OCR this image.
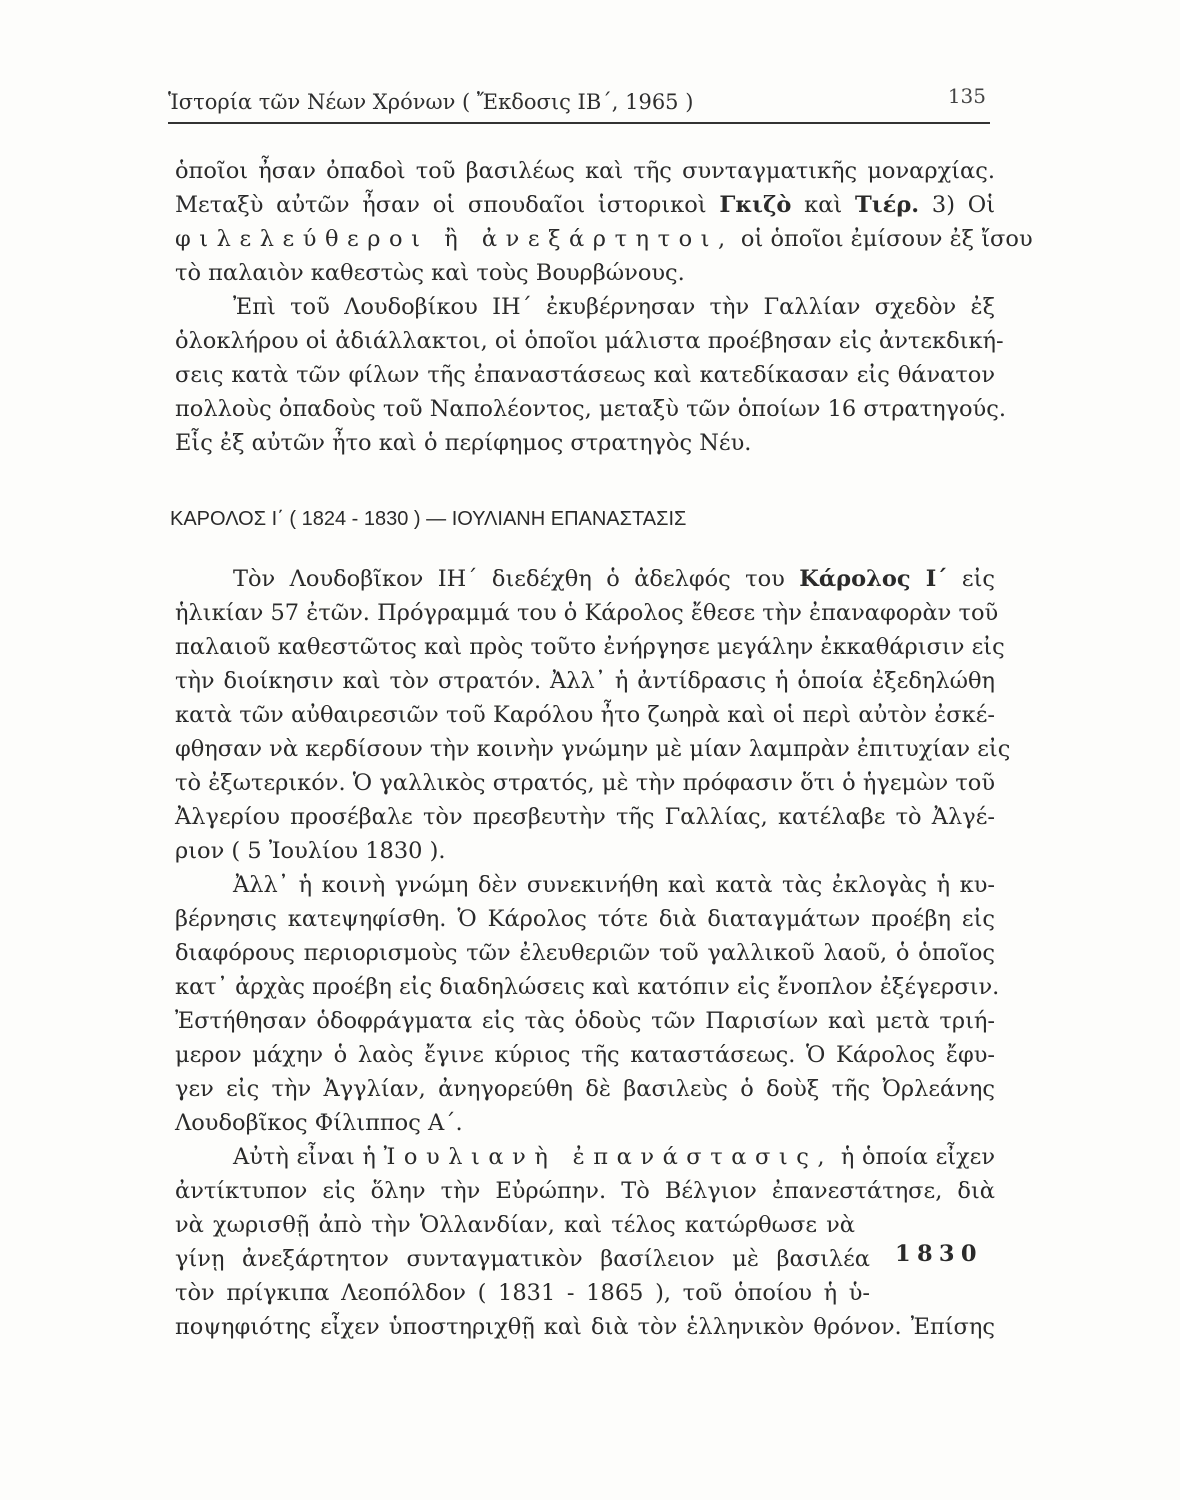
Ἱστορία τῶν Νέων Χρόνων ( Ἔκδοσις ΙΒ΄, 1965 )	135
ὁποῖοι ἦσαν ὀπαδοὶ τοῦ βασιλέως καὶ τῆς συνταγματικῆς μοναρχίας.
Μεταξὺ αὐτῶν ἦσαν οἱ σπουδαῖοι ἱστορικοὶ Γκιζὸ καὶ Τιέρ. 3) Οἱ
φιλελεύθεροι ἢ ἀνεξάρτητοι, οἱ ὁποῖοι ἐμίσουν ἐξ ἴσου
τὸ παλαιὸν καθεστὼς καὶ τοὺς Βουρβώνους.
Ἐπὶ τοῦ Λουδοβίκου ΙΗ΄ ἐκυβέρνησαν τὴν Γαλλίαν σχεδὸν ἐξ
ὁλοκλήρου οἱ ἀδιάλλακτοι, οἱ ὁποῖοι μάλιστα προέβησαν εἰς ἀντεκδική-
σεις κατὰ τῶν φίλων τῆς ἐπαναστάσεως καὶ κατεδίκασαν εἰς θάνατον
πολλοὺς ὀπαδοὺς τοῦ Ναπολέοντος, μεταξὺ τῶν ὁποίων 16 στρατηγούς.
Εἷς ἐξ αὐτῶν ἦτο καὶ ὁ περίφημος στρατηγὸς Νέυ.
ΚΑΡΟΛΟΣ Ι΄ ( 1824 - 1830 ) — ΙΟΥΛΙΑΝΗ ΕΠΑΝΑΣΤΑΣΙΣ
Τὸν Λουδοβῖκον ΙΗ΄ διεδέχθη ὁ ἀδελφός του Κάρολος Ι΄ εἰς
ἡλικίαν 57 ἐτῶν. Πρόγραμμά του ὁ Κάρολος ἔθεσε τὴν ἐπαναφορὰν τοῦ
παλαιοῦ καθεστῶτος καὶ πρὸς τοῦτο ἐνήργησε μεγάλην ἐκκαθάρισιν εἰς
τὴν διοίκησιν καὶ τὸν στρατόν. Ἀλλ᾽ ἡ ἀντίδρασις ἡ ὁποία ἐξεδηλώθη
κατὰ τῶν αὐθαιρεσιῶν τοῦ Καρόλου ἦτο ζωηρὰ καὶ οἱ περὶ αὐτὸν ἐσκέ-
φθησαν νὰ κερδίσουν τὴν κοινὴν γνώμην μὲ μίαν λαμπρὰν ἐπιτυχίαν εἰς
τὸ ἐξωτερικόν. Ὁ γαλλικὸς στρατός, μὲ τὴν πρόφασιν ὅτι ὁ ἡγεμὼν τοῦ
Ἀλγερίου προσέβαλε τὸν πρεσβευτὴν τῆς Γαλλίας, κατέλαβε τὸ Ἀλγέ-
ριον ( 5 Ἰουλίου 1830 ).
Ἀλλ᾽ ἡ κοινὴ γνώμη δὲν συνεκινήθη καὶ κατὰ τὰς ἐκλογὰς ἡ κυ-
βέρνησις κατεψηφίσθη. Ὁ Κάρολος τότε διὰ διαταγμάτων προέβη εἰς
διαφόρους περιορισμοὺς τῶν ἐλευθεριῶν τοῦ γαλλικοῦ λαοῦ, ὁ ὁποῖος
κατ᾽ ἀρχὰς προέβη εἰς διαδηλώσεις καὶ κατόπιν εἰς ἔνοπλον ἐξέγερσιν.
Ἐστήθησαν ὁδοφράγματα εἰς τὰς ὁδοὺς τῶν Παρισίων καὶ μετὰ τριή-
μερον μάχην ὁ λαὸς ἔγινε κύριος τῆς καταστάσεως. Ὁ Κάρολος ἔφυ-
γεν εἰς τὴν Ἀγγλίαν, ἀνηγορεύθη δὲ βασιλεὺς ὁ δοὺξ τῆς Ὀρλεάνης
Λουδοβῖκος Φίλιππος Α΄.
Αὐτὴ εἶναι ἡ Ἰουλιανὴ ἐπανάστασις, ἡ ὁποία εἶχεν
ἀντίκτυπον εἰς ὅλην τὴν Εὐρώπην. Τὸ Βέλγιον ἐπανεστάτησε, διὰ
νὰ χωρισθῇ ἀπὸ τὴν Ὁλλανδίαν, καὶ τέλος κατώρθωσε νὰ
γίνῃ ἀνεξάρτητον συνταγματικὸν βασίλειον μὲ βασιλέα 1830
τὸν πρίγκιπα Λεοπόλδον ( 1831 - 1865 ), τοῦ ὁποίου ἡ ὑ-
ποψηφιότης εἶχεν ὑποστηριχθῇ καὶ διὰ τὸν ἑλληνικὸν θρόνον. Ἐπίσης
